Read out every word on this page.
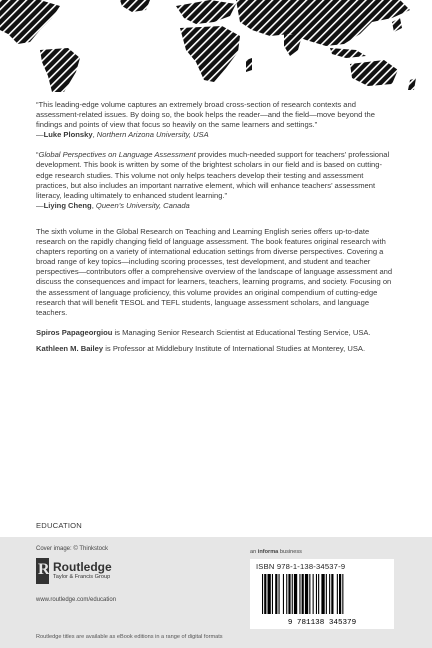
“This leading-edge volume captures an extremely broad cross-section of research contexts and assessment-related issues. By doing so, the book helps the reader—and the field—move beyond the findings and points of view that focus so heavily on the same learners and settings.”

—Luke Plonsky, Northern Arizona University, USA

“Global Perspectives on Language Assessment provides much-needed support for teachers’ professional development. This book is written by some of the brightest scholars in our field and is based on cutting-edge research studies. This volume not only helps teachers develop their testing and assessment practices, but also includes an important narrative element, which will enhance teachers’ assessment literacy, leading ultimately to enhanced student learning.”

—Liying Cheng, Queen’s University, Canada

The sixth volume in the Global Research on Teaching and Learning English series offers up-to-date research on the rapidly changing field of language assessment. The book features original research with chapters reporting on a variety of international education settings from diverse perspectives. Covering a broad range of key topics—including scoring processes, test development, and student and teacher perspectives—contributors offer a comprehensive overview of the landscape of language assessment and discuss the consequences and impact for learners, teachers, learning programs, and society. Focusing on the assessment of language proficiency, this volume provides an original compendium of cutting-edge research that will benefit TESOL and TEFL students, language assessment scholars, and language teachers.

Spiros Papageorgiou is Managing Senior Research Scientist at Educational Testing Service, USA.

Kathleen M. Bailey is Professor at Middlebury Institute of International Studies at Monterey, USA.

EDUCATION
Cover image: © Thinkstock
R Routledge
Taylor & Francis Group
www.routledge.com/education
Routledge titles are available as eBook editions in a range of digital formats
an informa business
ISBN 978-1-138-34537-9
9 781138 345379
